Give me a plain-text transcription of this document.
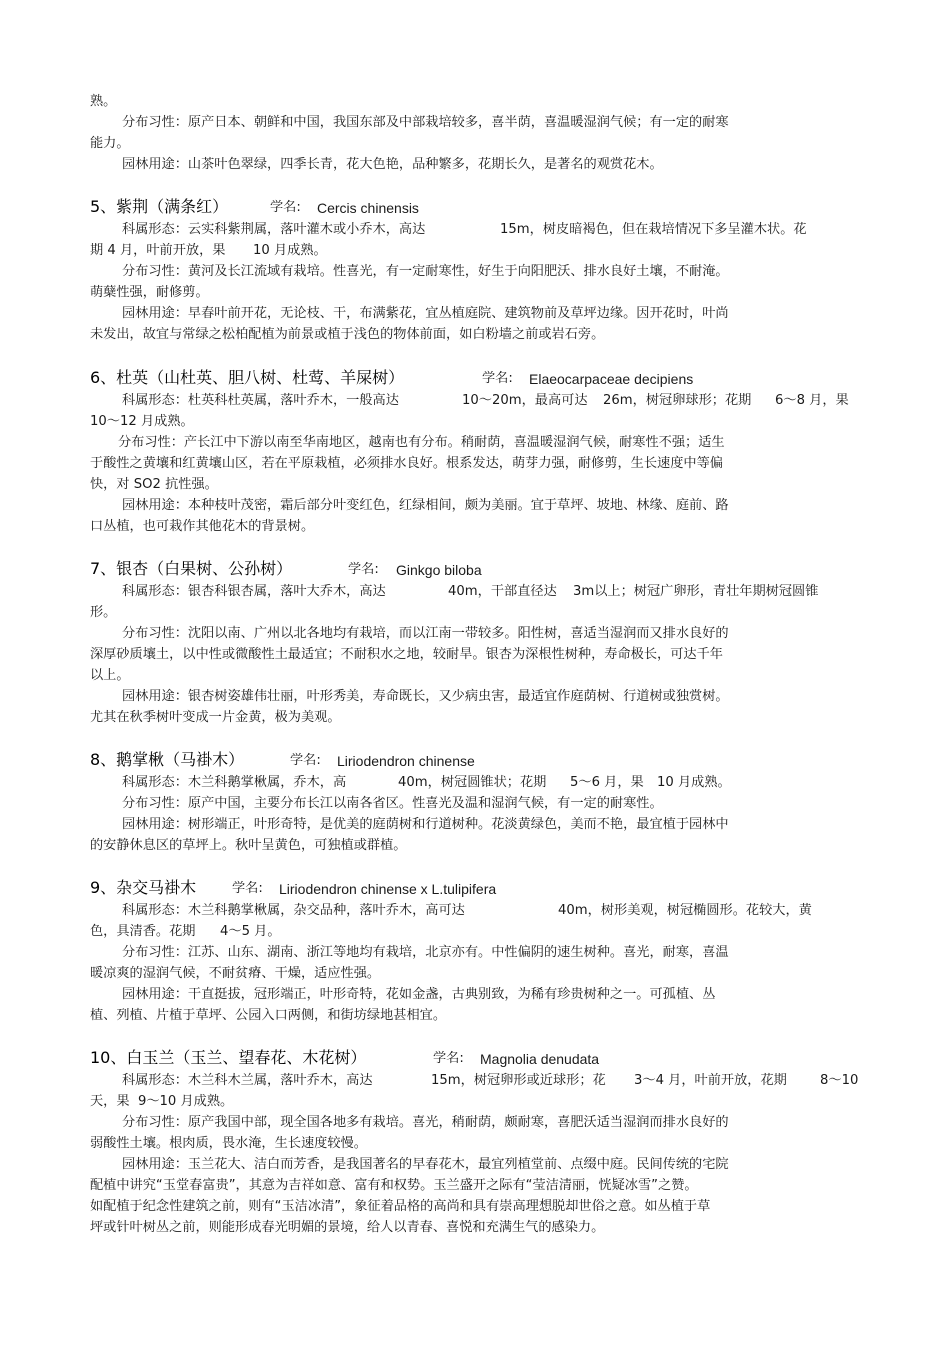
熟。
分布习性：原产日本、朝鲜和中国，我国东部及中部栽培较多，喜半荫，喜温暖湿润气候；有一定的耐寒
能力。
园林用途：山茶叶色翠绿，四季长青，花大色艳，品种繁多，花期长久，是著名的观赏花木。
5、紫荆（满条红）	学名: Cercis chinensis
科属形态：云实科紫荆属，落叶灌木或小乔木，高达	15m，树皮暗褐色，但在栽培情况下多呈灌木状。花
期 4 月，叶前开放，果 10 月成熟。
分布习性：黄河及长江流域有栽培。性喜光，有一定耐寒性，好生于向阳肥沃、排水良好土壤，不耐淹。
萌蘖性强，耐修剪。
园林用途：早春叶前开花，无论枝、干，布满紫花，宜丛植庭院、建筑物前及草坪边缘。因开花时，叶尚
未发出，故宜与常绿之松柏配植为前景或植于浅色的物体前面，如白粉墙之前或岩石旁。
6、杜英（山杜英、胆八树、杜莺、羊屎树）	学名: Elaeocarpaceae decipiens
科属形态：杜英科杜英属，落叶乔木，一般高达	10～20m，最高可达 26m，树冠卵球形；花期 6～8 月，果
10～12 月成熟。
分布习性：产长江中下游以南至华南地区，越南也有分布。稍耐荫，喜温暖湿润气候，耐寒性不强；适生
于酸性之黄壤和红黄壤山区，若在平原栽植，必须排水良好。根系发达，萌芽力强，耐修剪，生长速度中等偏
快，对 SO2 抗性强。
园林用途：本种枝叶茂密，霜后部分叶变红色，红绿相间，颇为美丽。宜于草坪、坡地、林缘、庭前、路
口丛植，也可栽作其他花木的背景树。
7、银杏（白果树、公孙树）	学名: Ginkgo biloba
科属形态：银杏科银杏属，落叶大乔木，高达	40m，干部直径达 3m以上；树冠广卵形，青壮年期树冠圆锥
形。
分布习性：沈阳以南、广州以北各地均有栽培，而以江南一带较多。阳性树，喜适当湿润而又排水良好的
深厚砂质壤土，以中性或微酸性土最适宜；不耐积水之地，较耐旱。银杏为深根性树种，寿命极长，可达千年
以上。
园林用途：银杏树姿雄伟壮丽，叶形秀美，寿命既长，又少病虫害，最适宜作庭荫树、行道树或独赏树。
尤其在秋季树叶变成一片金黄，极为美观。
8、鹅掌楸（马褂木）	学名: Liriodendron chinense
科属形态：木兰科鹅掌楸属，乔木，高	40m，树冠圆锥状；花期 5～6 月，果 10 月成熟。
分布习性：原产中国，主要分布长江以南各省区。性喜光及温和湿润气候，有一定的耐寒性。
园林用途：树形端正，叶形奇特，是优美的庭荫树和行道树种。花淡黄绿色，美而不艳，最宜植于园林中
的安静休息区的草坪上。秋叶呈黄色，可独植或群植。
9、杂交马褂木	学名: Liriodendron chinense x L.tulipifera
科属形态：木兰科鹅掌楸属，杂交品种，落叶乔木，高可达	40m，树形美观，树冠椭圆形。花较大，黄
色，具清香。花期 4～5 月。
分布习性：江苏、山东、湖南、浙江等地均有栽培，北京亦有。中性偏阴的速生树种。喜光，耐寒，喜温
暖凉爽的湿润气候，不耐贫瘠、干燥，适应性强。
园林用途：干直挺拔，冠形端正，叶形奇特，花如金盏，古典别致，为稀有珍贵树种之一。可孤植、丛
植、列植、片植于草坪、公园入口两侧，和街坊绿地甚相宜。
10、白玉兰（玉兰、望春花、木花树）	学名: Magnolia denudata
科属形态：木兰科木兰属，落叶乔木，高达	15m，树冠卵形或近球形；花 3～4 月，叶前开放，花期	8～10
天，果  9～10 月成熟。
分布习性：原产我国中部，现全国各地多有栽培。喜光，稍耐荫，颇耐寒，喜肥沃适当湿润而排水良好的
弱酸性土壤。根肉质，畏水淹，生长速度较慢。
园林用途：玉兰花大、洁白而芳香，是我国著名的早春花木，最宜列植堂前、点缀中庭。民间传统的宅院
配植中讲究“玉堂春富贵”，其意为吉祥如意、富有和权势。玉兰盛开之际有“莹洁清丽，恍疑冰雪”之赞。
如配植于纪念性建筑之前，则有“玉洁冰清”，象征着品格的高尚和具有崇高理想脱却世俗之意。如丛植于草
坪或针叶树丛之前，则能形成春光明媚的景境，给人以青春、喜悦和充满生气的感染力。
